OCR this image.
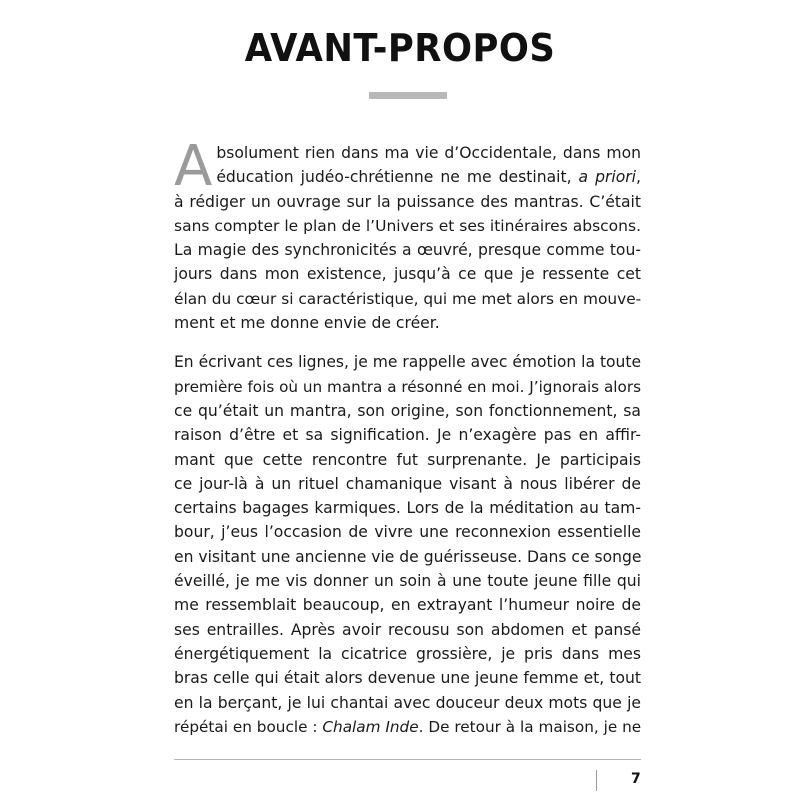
AVANT-PROPOS

A bsolument rien dans ma vie d’Occidentale, dans mon
éducation judéo-chrétienne ne me destinait, a priori,
à rédiger un ouvrage sur la puissance des mantras. C’était
sans compter le plan de l’Univers et ses itinéraires abscons.
La magie des synchronicités a œuvré, presque comme tou-
jours dans mon existence, jusqu’à ce que je ressente cet
élan du cœur si caractéristique, qui me met alors en mouve-
ment et me donne envie de créer.

En écrivant ces lignes, je me rappelle avec émotion la toute
première fois où un mantra a résonné en moi. J’ignorais alors
ce qu’était un mantra, son origine, son fonctionnement, sa
raison d’être et sa signification. Je n’exagère pas en affir-
mant que cette rencontre fut surprenante. Je participais
ce jour-là à un rituel chamanique visant à nous libérer de
certains bagages karmiques. Lors de la méditation au tam-
bour, j’eus l’occasion de vivre une reconnexion essentielle
en visitant une ancienne vie de guérisseuse. Dans ce songe
éveillé, je me vis donner un soin à une toute jeune fille qui
me ressemblait beaucoup, en extrayant l’humeur noire de
ses entrailles. Après avoir recousu son abdomen et pansé
énergétiquement la cicatrice grossière, je pris dans mes
bras celle qui était alors devenue une jeune femme et, tout
en la berçant, je lui chantai avec douceur deux mots que je
répétai en boucle : Chalam Inde. De retour à la maison, je ne

7
